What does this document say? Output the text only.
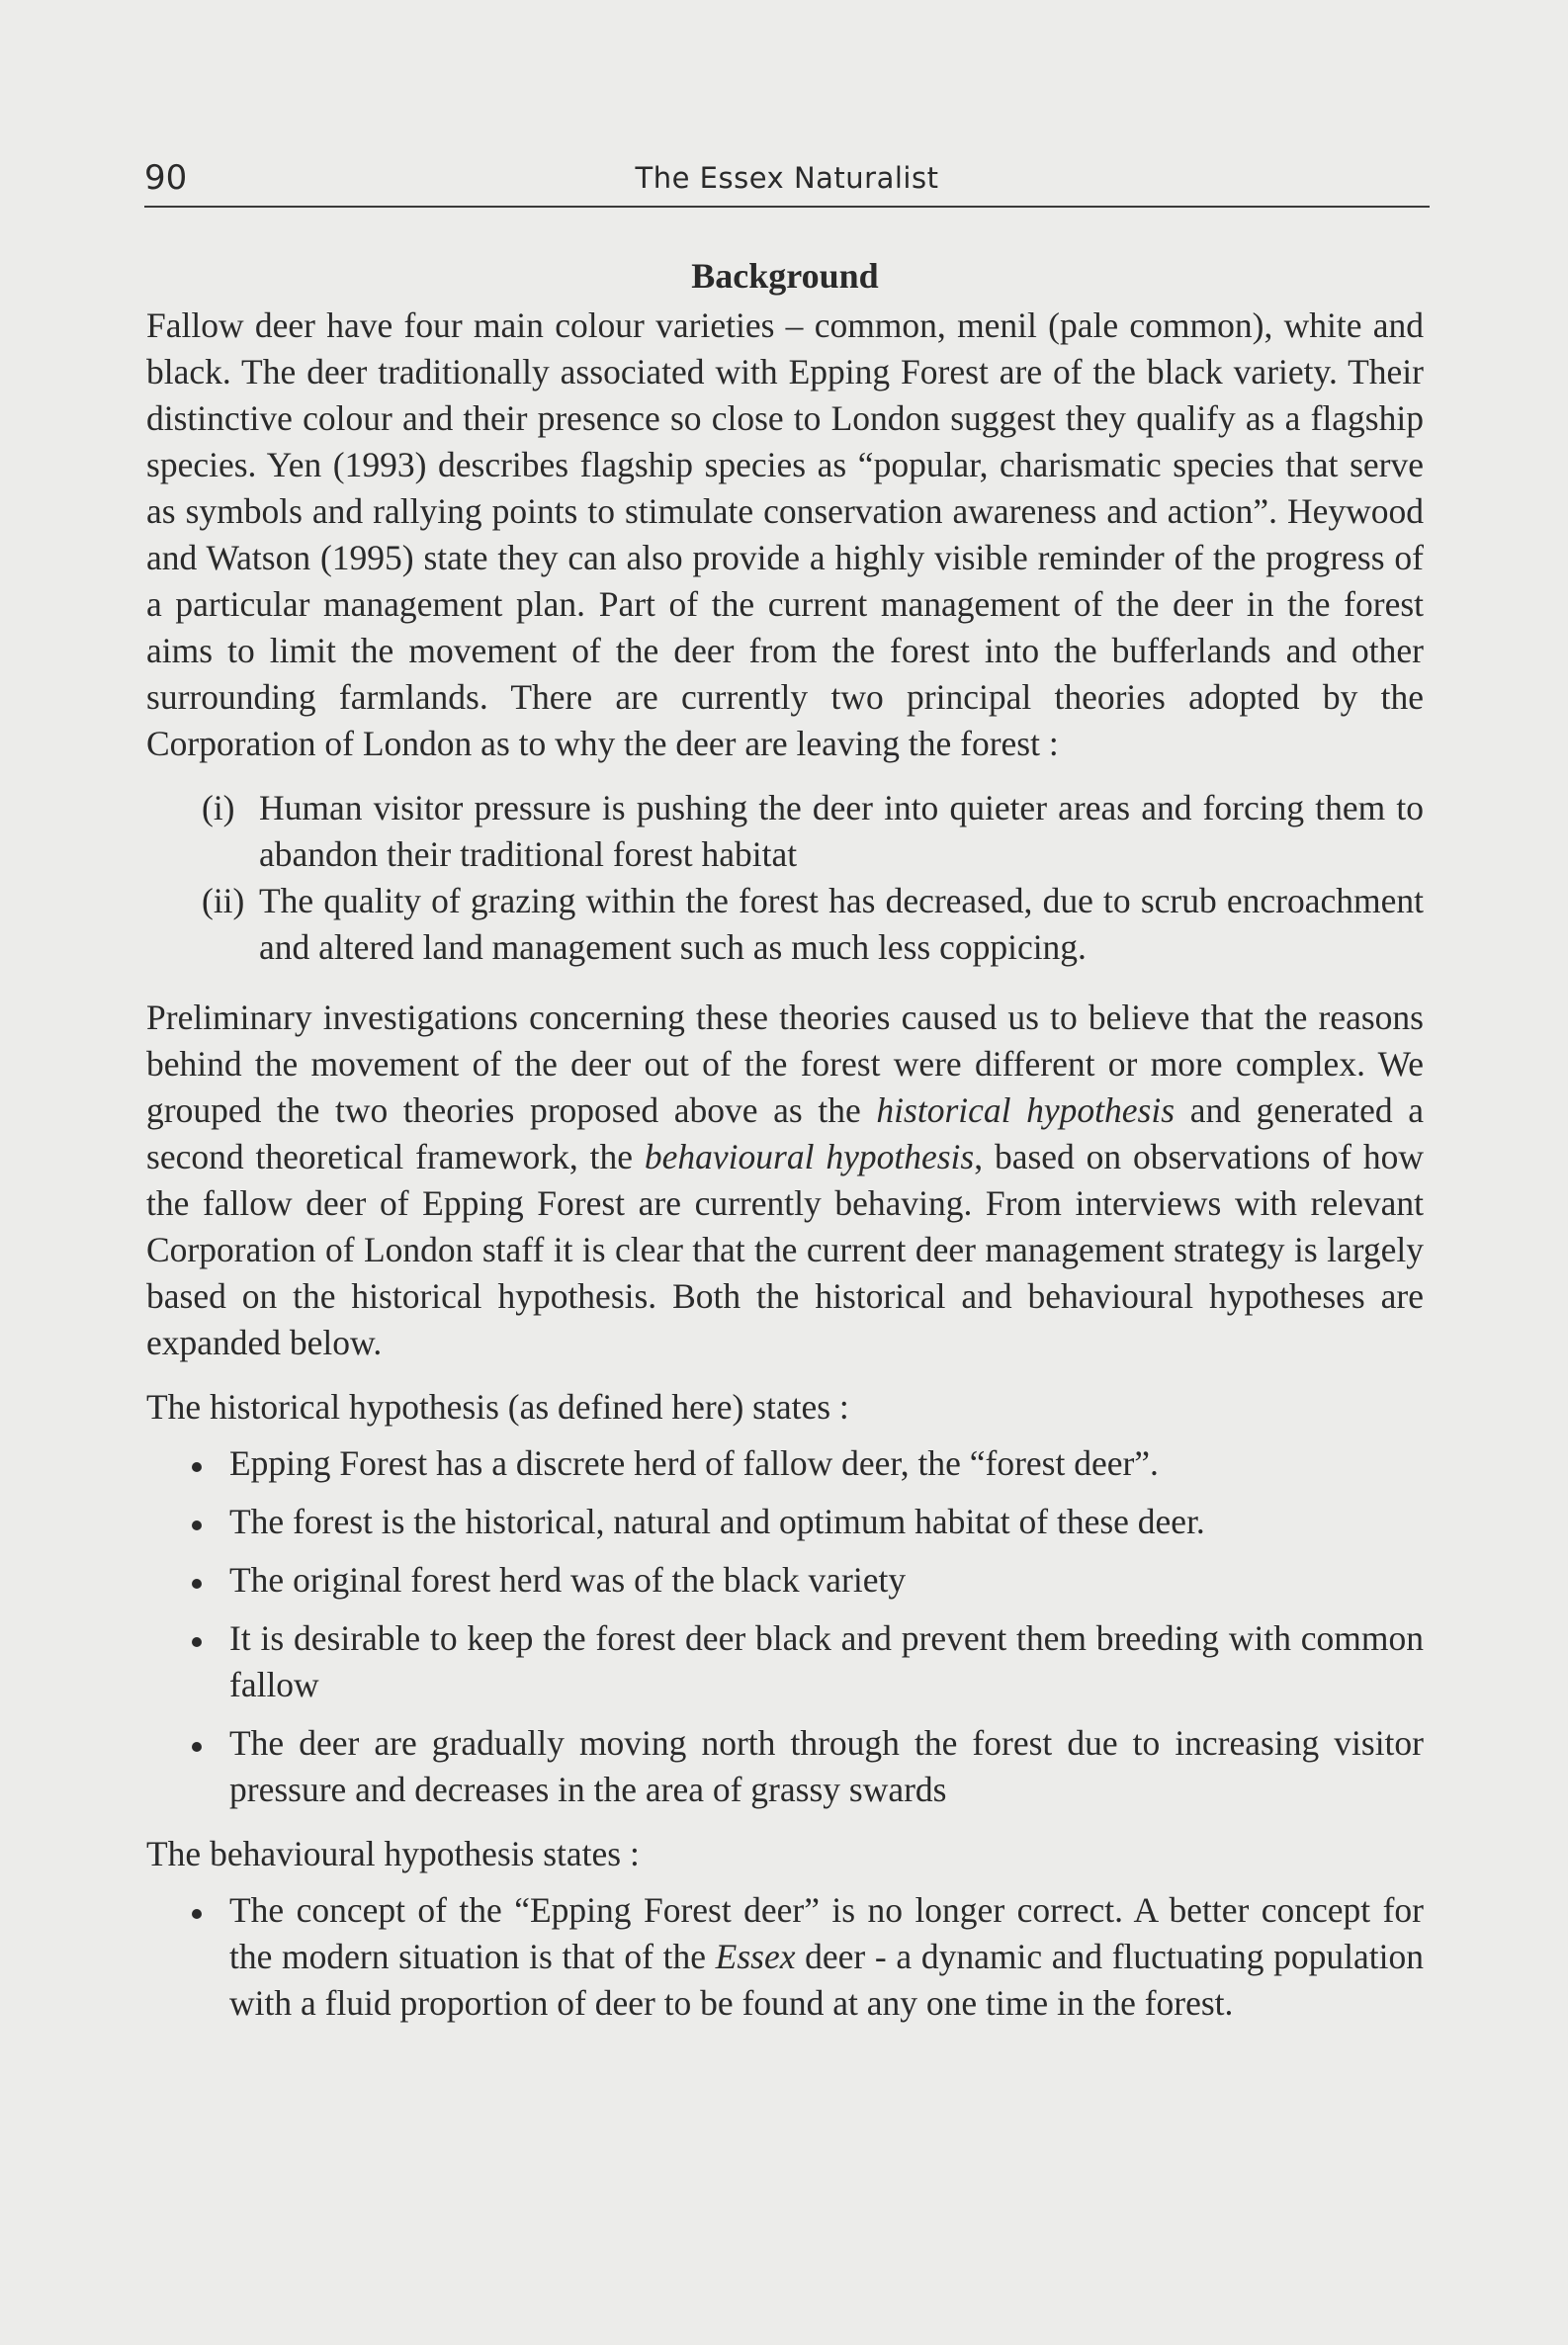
90	The Essex Naturalist
Background

Fallow deer have four main colour varieties – common, menil (pale common), white and black. The deer traditionally associated with Epping Forest are of the black variety. Their distinctive colour and their presence so close to London suggest they qualify as a flagship species. Yen (1993) describes flagship species as “popular, charismatic species that serve as symbols and rallying points to stimulate conservation awareness and action”. Heywood and Watson (1995) state they can also provide a highly visible reminder of the progress of a particular management plan. Part of the current management of the deer in the forest aims to limit the movement of the deer from the forest into the bufferlands and other surrounding farmlands. There are currently two principal theories adopted by the Corporation of London as to why the deer are leaving the forest :

(i) Human visitor pressure is pushing the deer into quieter areas and forcing them to abandon their traditional forest habitat
(ii) The quality of grazing within the forest has decreased, due to scrub encroachment and altered land management such as much less coppicing.

Preliminary investigations concerning these theories caused us to believe that the reasons behind the movement of the deer out of the forest were different or more complex. We grouped the two theories proposed above as the historical hypothesis and generated a second theoretical framework, the behavioural hypothesis, based on observations of how the fallow deer of Epping Forest are currently behaving. From interviews with relevant Corporation of London staff it is clear that the current deer management strategy is largely based on the historical hypothesis. Both the historical and behavioural hypotheses are expanded below.

The historical hypothesis (as defined here) states :

Epping Forest has a discrete herd of fallow deer, the “forest deer”.
The forest is the historical, natural and optimum habitat of these deer.
The original forest herd was of the black variety
It is desirable to keep the forest deer black and prevent them breeding with common fallow
The deer are gradually moving north through the forest due to increasing visitor pressure and decreases in the area of grassy swards

The behavioural hypothesis states :

The concept of the “Epping Forest deer” is no longer correct. A better concept for the modern situation is that of the Essex deer - a dynamic and fluctuating population with a fluid proportion of deer to be found at any one time in the forest.
